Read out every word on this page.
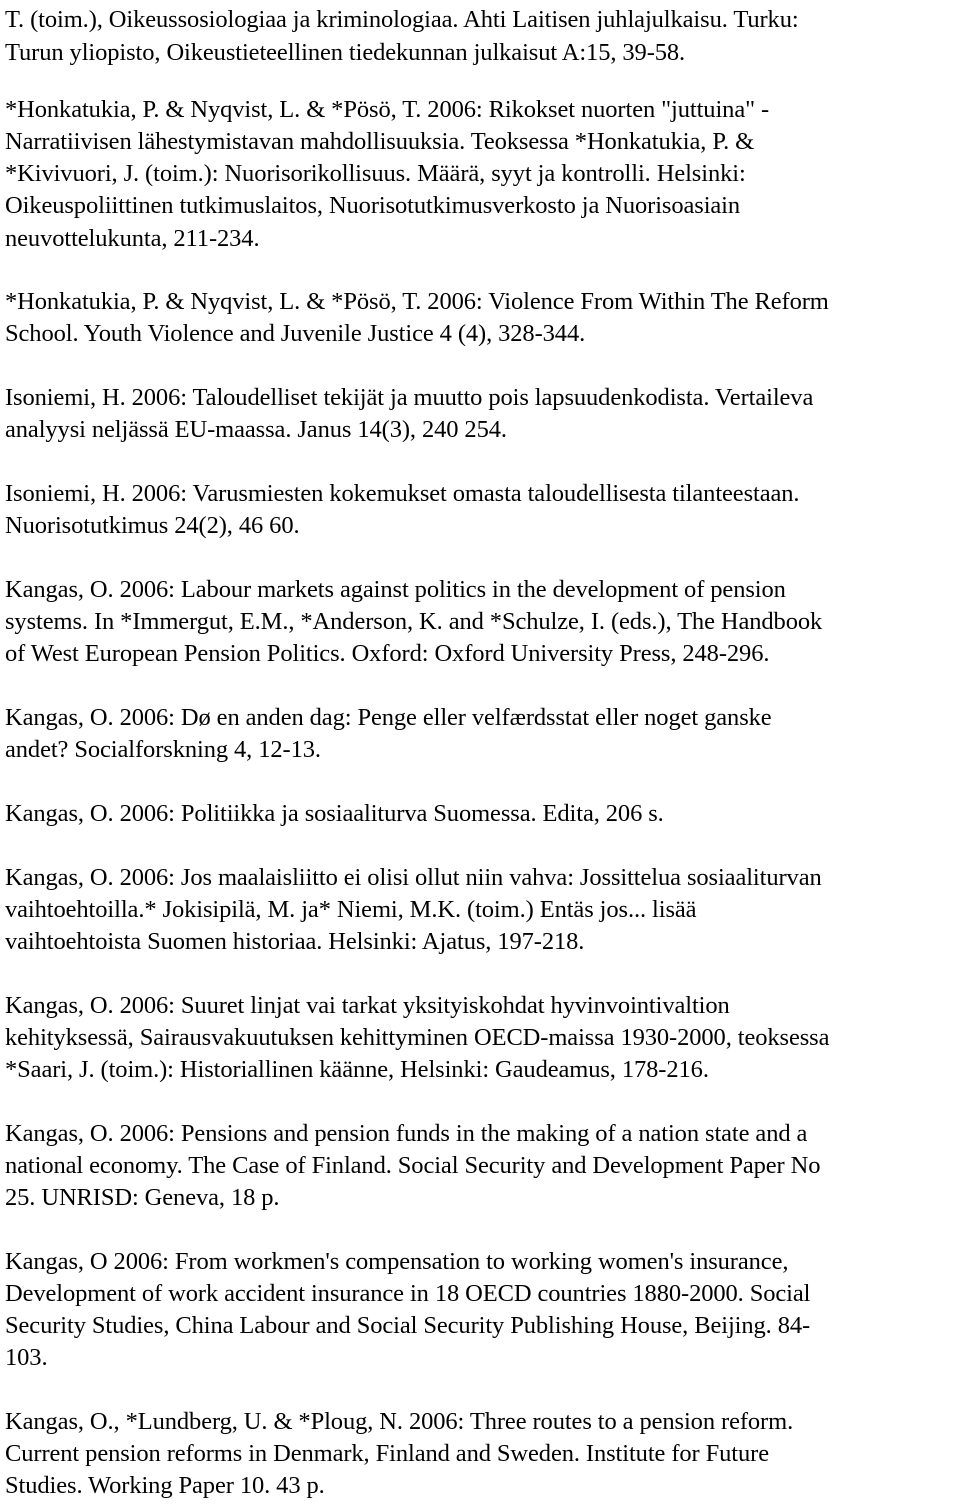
T. (toim.), Oikeussosiologiaa ja kriminologiaa. Ahti Laitisen juhlajulkaisu. Turku:
Turun yliopisto, Oikeustieteellinen tiedekunnan julkaisut A:15, 39-58.
*Honkatukia, P. & Nyqvist, L. & *Pösö, T. 2006: Rikokset nuorten "juttuina" -
Narratiivisen lähestymistavan mahdollisuuksia. Teoksessa *Honkatukia, P. &
*Kivivuori, J. (toim.): Nuorisorikollisuus. Määrä, syyt ja kontrolli. Helsinki:
Oikeuspoliittinen tutkimuslaitos, Nuorisotutkimusverkosto ja Nuorisoasiain
neuvottelukunta, 211-234.
*Honkatukia, P. & Nyqvist, L. & *Pösö, T. 2006: Violence From Within The Reform
School. Youth Violence and Juvenile Justice 4 (4), 328-344.
Isoniemi, H. 2006: Taloudelliset tekijät ja muutto pois lapsuudenkodista. Vertaileva
analyysi neljässä EU-maassa. Janus 14(3), 240 254.
Isoniemi, H. 2006: Varusmiesten kokemukset omasta taloudellisesta tilanteestaan.
Nuorisotutkimus 24(2), 46 60.
Kangas, O. 2006: Labour markets against politics in the development of pension
systems. In *Immergut, E.M., *Anderson, K. and *Schulze, I. (eds.), The Handbook
of West European Pension Politics. Oxford: Oxford University Press, 248-296.
Kangas, O. 2006: Dø en anden dag: Penge eller velfærdsstat eller noget ganske
andet? Socialforskning 4, 12-13.
Kangas, O. 2006: Politiikka ja sosiaaliturva Suomessa. Edita, 206 s.
Kangas, O. 2006: Jos maalaisliitto ei olisi ollut niin vahva: Jossittelua sosiaaliturvan
vaihtoehtoilla.* Jokisipilä, M. ja* Niemi, M.K. (toim.) Entäs jos... lisää
vaihtoehtoista Suomen historiaa. Helsinki: Ajatus, 197-218.
Kangas, O. 2006: Suuret linjat vai tarkat yksityiskohdat hyvinvointivaltion
kehityksessä, Sairausvakuutuksen kehittyminen OECD-maissa 1930-2000, teoksessa
*Saari, J. (toim.): Historiallinen käänne, Helsinki: Gaudeamus, 178-216.
Kangas, O. 2006: Pensions and pension funds in the making of a nation state and a
national economy. The Case of Finland. Social Security and Development Paper No
25. UNRISD: Geneva, 18 p.
Kangas, O 2006: From workmen's compensation to working women's insurance,
Development of work accident insurance in 18 OECD countries 1880-2000. Social
Security Studies, China Labour and Social Security Publishing House, Beijing. 84-
103.
Kangas, O., *Lundberg, U. & *Ploug, N. 2006: Three routes to a pension reform.
Current pension reforms in Denmark, Finland and Sweden. Institute for Future
Studies. Working Paper 10. 43 p.
